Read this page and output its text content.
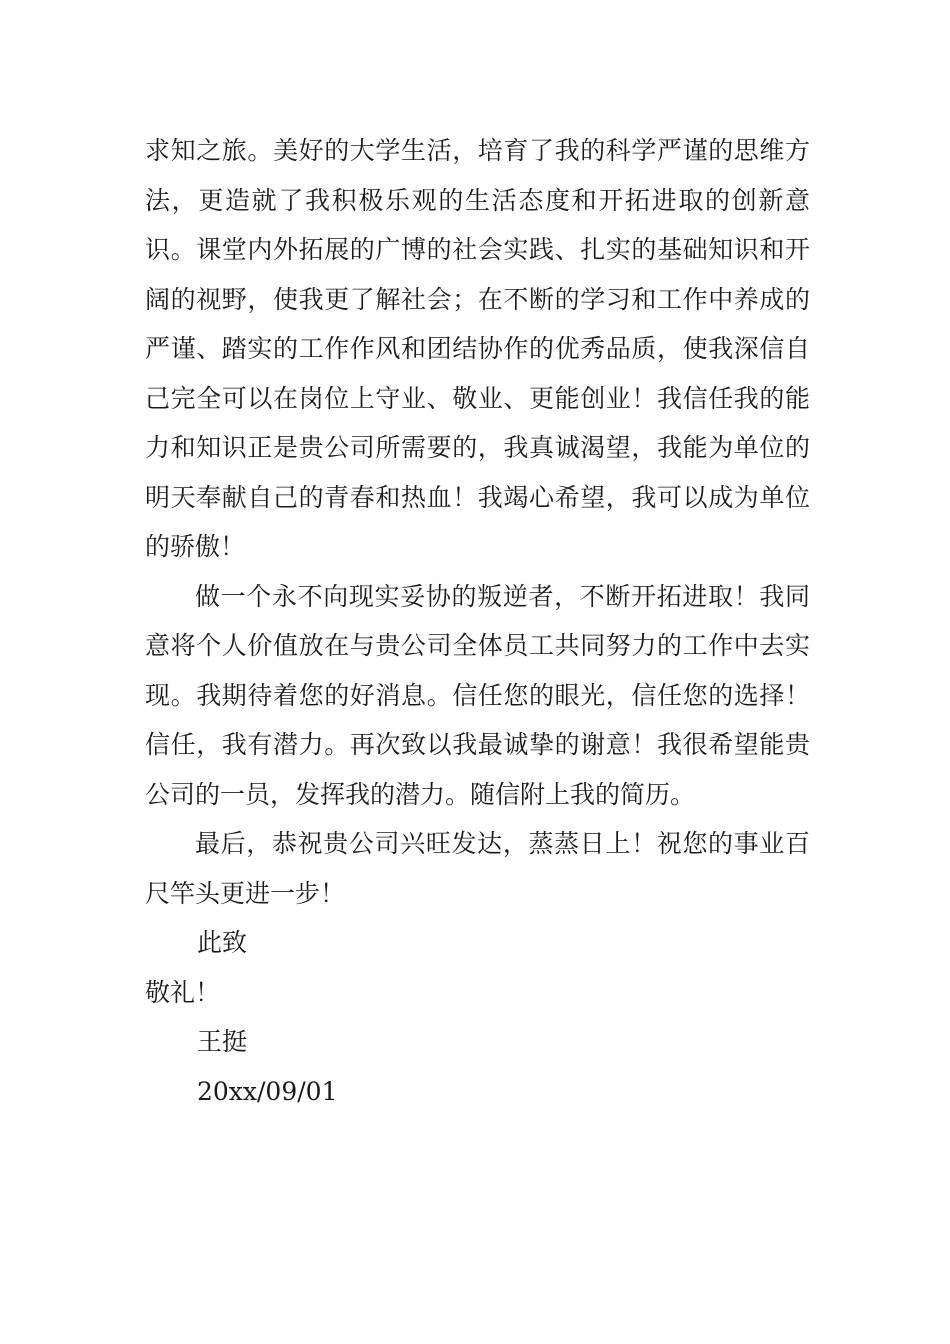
求知之旅。美好的大学生活，培育了我的科学严谨的思维方法，更造就了我积极乐观的生活态度和开拓进取的创新意识。课堂内外拓展的广博的社会实践、扎实的基础知识和开阔的视野，使我更了解社会；在不断的学习和工作中养成的严谨、踏实的工作作风和团结协作的优秀品质，使我深信自己完全可以在岗位上守业、敬业、更能创业！我信任我的能力和知识正是贵公司所需要的，我真诚渴望，我能为单位的明天奉献自己的青春和热血！我竭心希望，我可以成为单位的骄傲！

做一个永不向现实妥协的叛逆者，不断开拓进取！我同意将个人价值放在与贵公司全体员工共同努力的工作中去实现。我期待着您的好消息。信任您的眼光，信任您的选择！信任，我有潜力。再次致以我最诚挚的谢意！我很希望能贵公司的一员，发挥我的潜力。随信附上我的简历。

最后，恭祝贵公司兴旺发达，蒸蒸日上！祝您的事业百尺竿头更进一步！

此致

敬礼！

王挺

20xx/09/01
